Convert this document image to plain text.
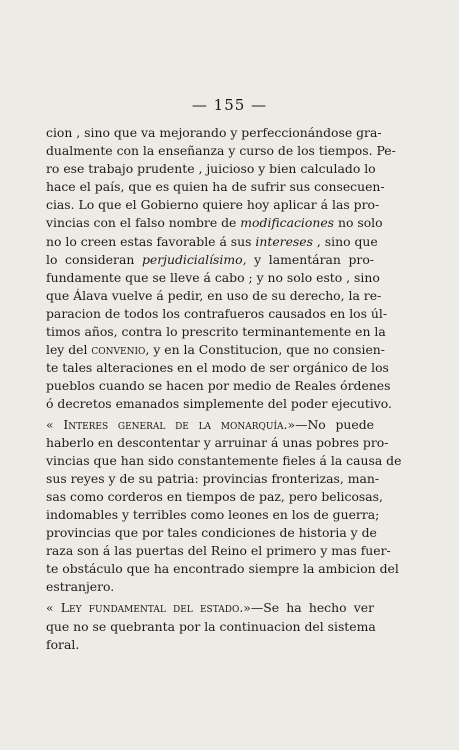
— 155 —
cion , sino que va mejorando y perfeccionándose gra-
dualmente con la enseñanza y curso de los tiempos. Pe-
ro ese trabajo prudente , juicioso y bien calculado lo
hace el país, que es quien ha de sufrir sus consecuen-
cias. Lo que el Gobierno quiere hoy aplicar á las pro-
vincias con el falso nombre de modificaciones no solo
no lo creen estas favorable á sus intereses , sino que
lo consideran perjudicialísimo, y lamentáran pro-
fundamente que se lleve á cabo ; y no solo esto , sino
que Álava vuelve á pedir, en uso de su derecho, la re-
paracion de todos los contrafueros causados en los úl-
timos años, contra lo prescrito terminantemente en la
ley del convenio, y en la Constitucion, que no consien-
te tales alteraciones en el modo de ser orgánico de los
pueblos cuando se hacen por medio de Reales órdenes
ó decretos emanados simplemente del poder ejecutivo.
« Interes general de la monarquía.»—No puede
haberlo en descontentar y arruinar á unas pobres pro-
vincias que han sido constantemente fieles á la causa de
sus reyes y de su patria: provincias fronterizas, man-
sas como corderos en tiempos de paz, pero belicosas,
indomables y terribles como leones en los de guerra;
provincias que por tales condiciones de historia y de
raza son á las puertas del Reino el primero y mas fuer-
te obstáculo que ha encontrado siempre la ambicion del
estranjero.
« Ley fundamental del estado.»—Se ha hecho ver
que no se quebranta por la continuacion del sistema
foral.
